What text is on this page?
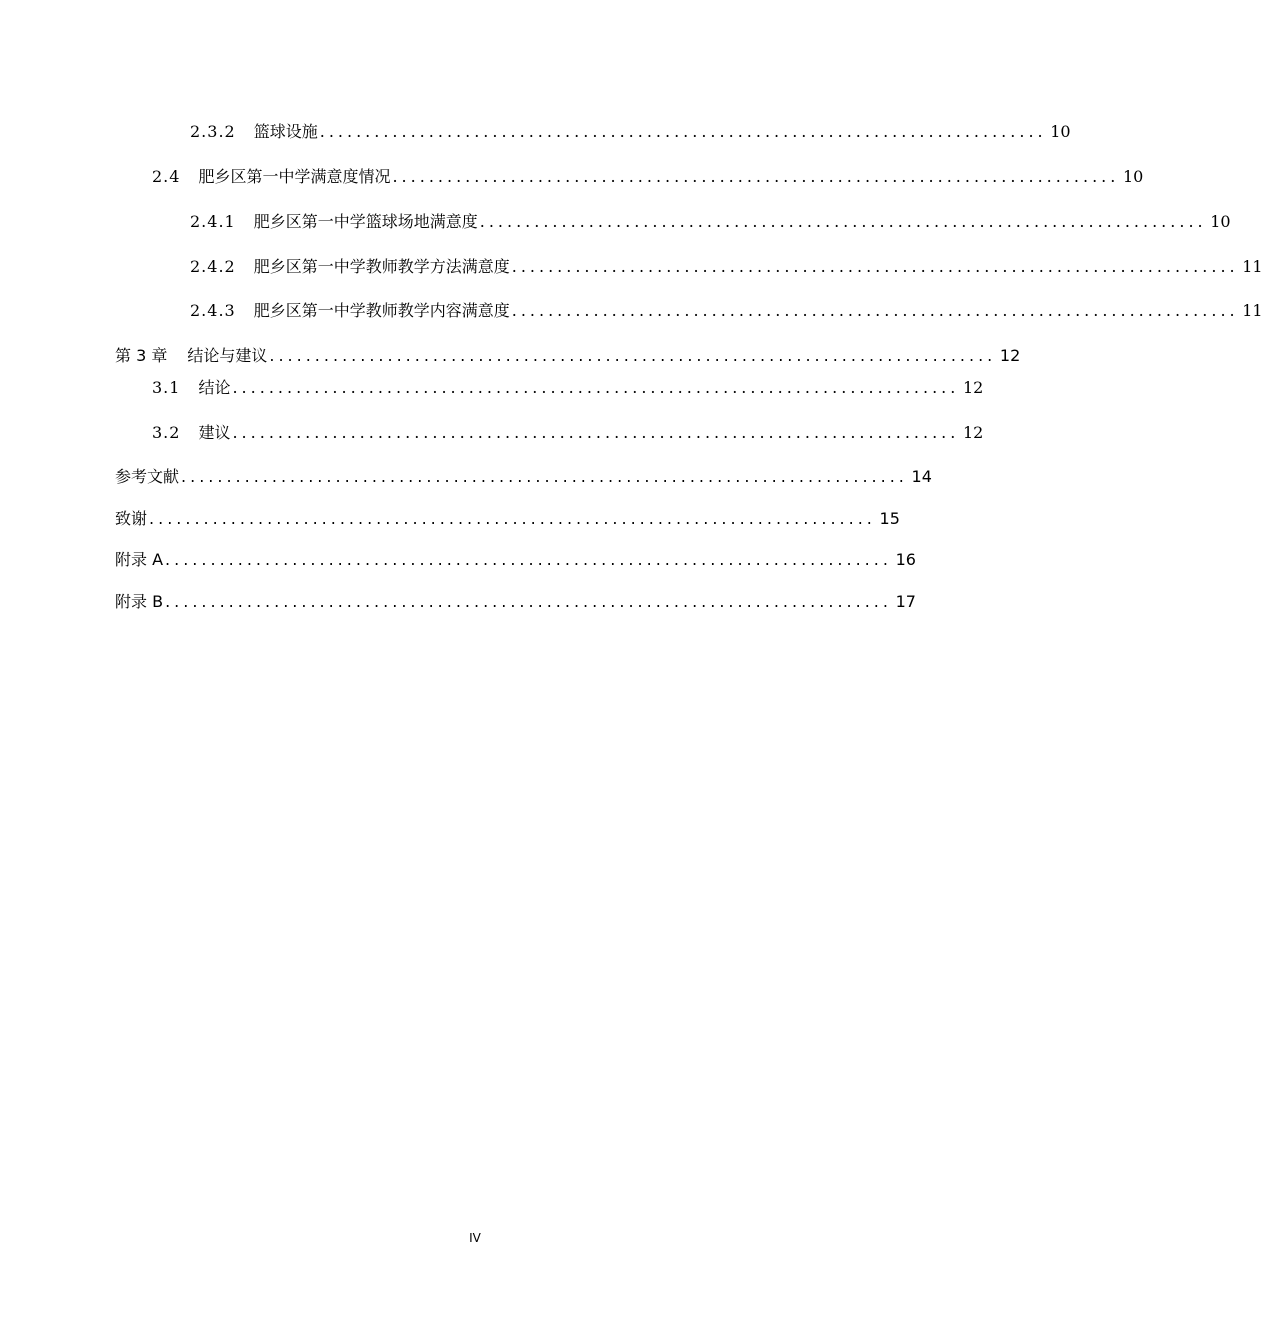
2.3.2 篮球设施 ................................................................................ 10
2.4 肥乡区第一中学满意度情况 ................................................................................ 10
2.4.1 肥乡区第一中学篮球场地满意度 ................................................................................ 10
2.4.2 肥乡区第一中学教师教学方法满意度 ................................................................................ 11
2.4.3 肥乡区第一中学教师教学内容满意度 ................................................................................ 11
第 3 章 结论与建议 ................................................................................ 12
3.1 结论 ................................................................................ 12
3.2 建议 ................................................................................ 12
参考文献 ................................................................................ 14
致谢 ................................................................................ 15
附录 A ................................................................................ 16
附录 B ................................................................................ 17
IV
